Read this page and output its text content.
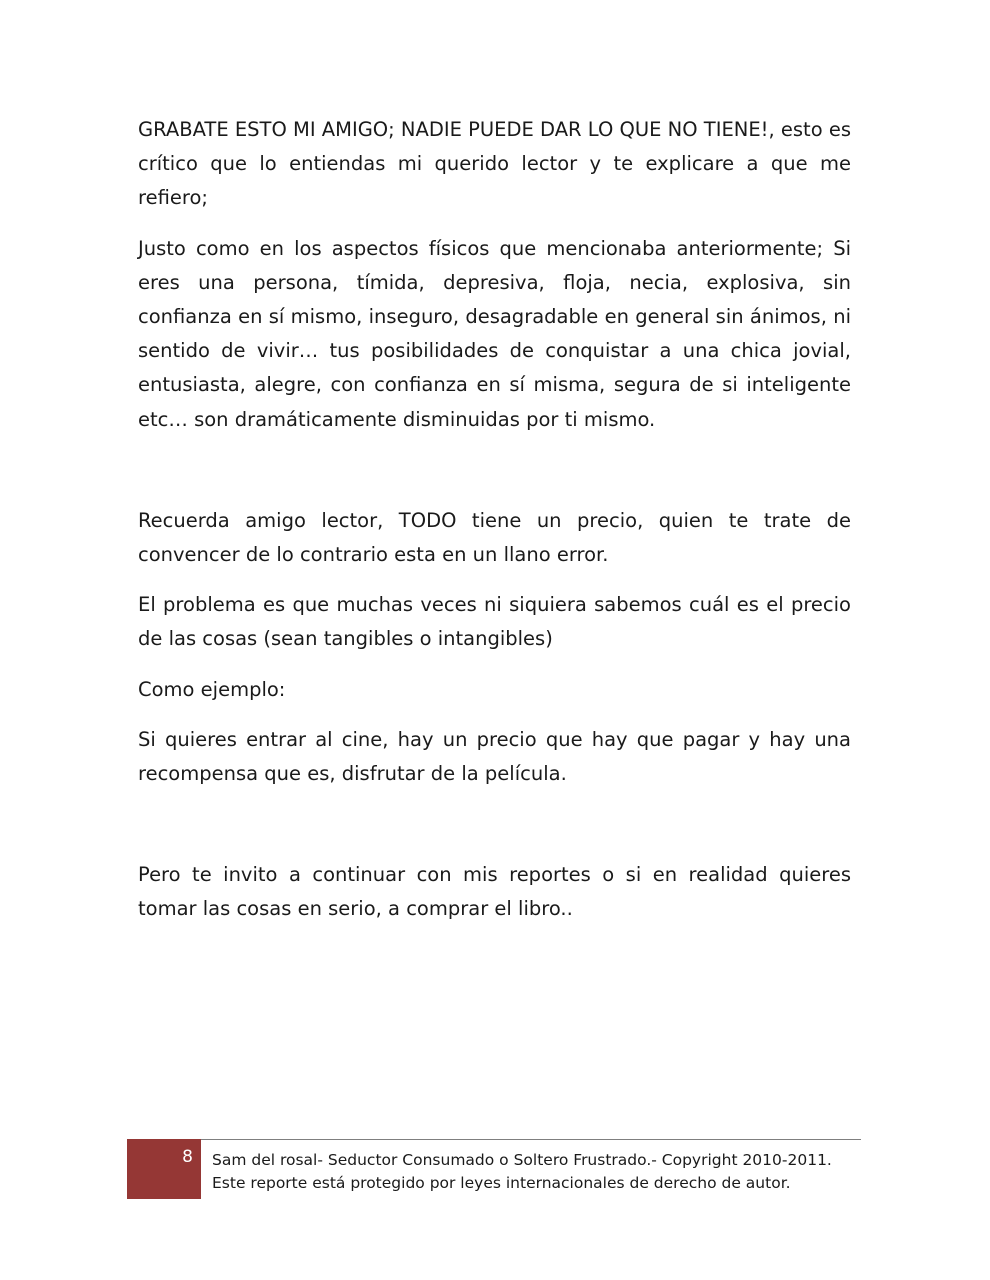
GRABATE ESTO MI AMIGO; NADIE PUEDE DAR LO QUE NO TIENE!, esto es crítico que lo entiendas mi querido lector y te explicare a que me refiero;

Justo como en los aspectos físicos que mencionaba anteriormente; Si eres una persona, tímida, depresiva, floja, necia, explosiva, sin confianza en sí mismo, inseguro, desagradable en general sin ánimos, ni sentido de vivir… tus posibilidades de conquistar a una chica jovial, entusiasta, alegre, con confianza en sí misma, segura de si inteligente etc… son dramáticamente disminuidas por ti mismo.

Recuerda amigo lector, TODO tiene un precio, quien te trate de convencer de lo contrario esta en un llano error.

El problema es que muchas veces ni siquiera sabemos cuál es el precio de las cosas (sean tangibles o intangibles)

Como ejemplo:

Si quieres entrar al cine, hay un precio que hay que pagar y hay una recompensa que es, disfrutar de la película.

Pero te invito a continuar con mis reportes o si en realidad quieres tomar las cosas en serio, a comprar el libro..

8 Sam del rosal- Seductor Consumado o Soltero Frustrado.- Copyright 2010-2011.
Este reporte está protegido por leyes internacionales de derecho de autor.
